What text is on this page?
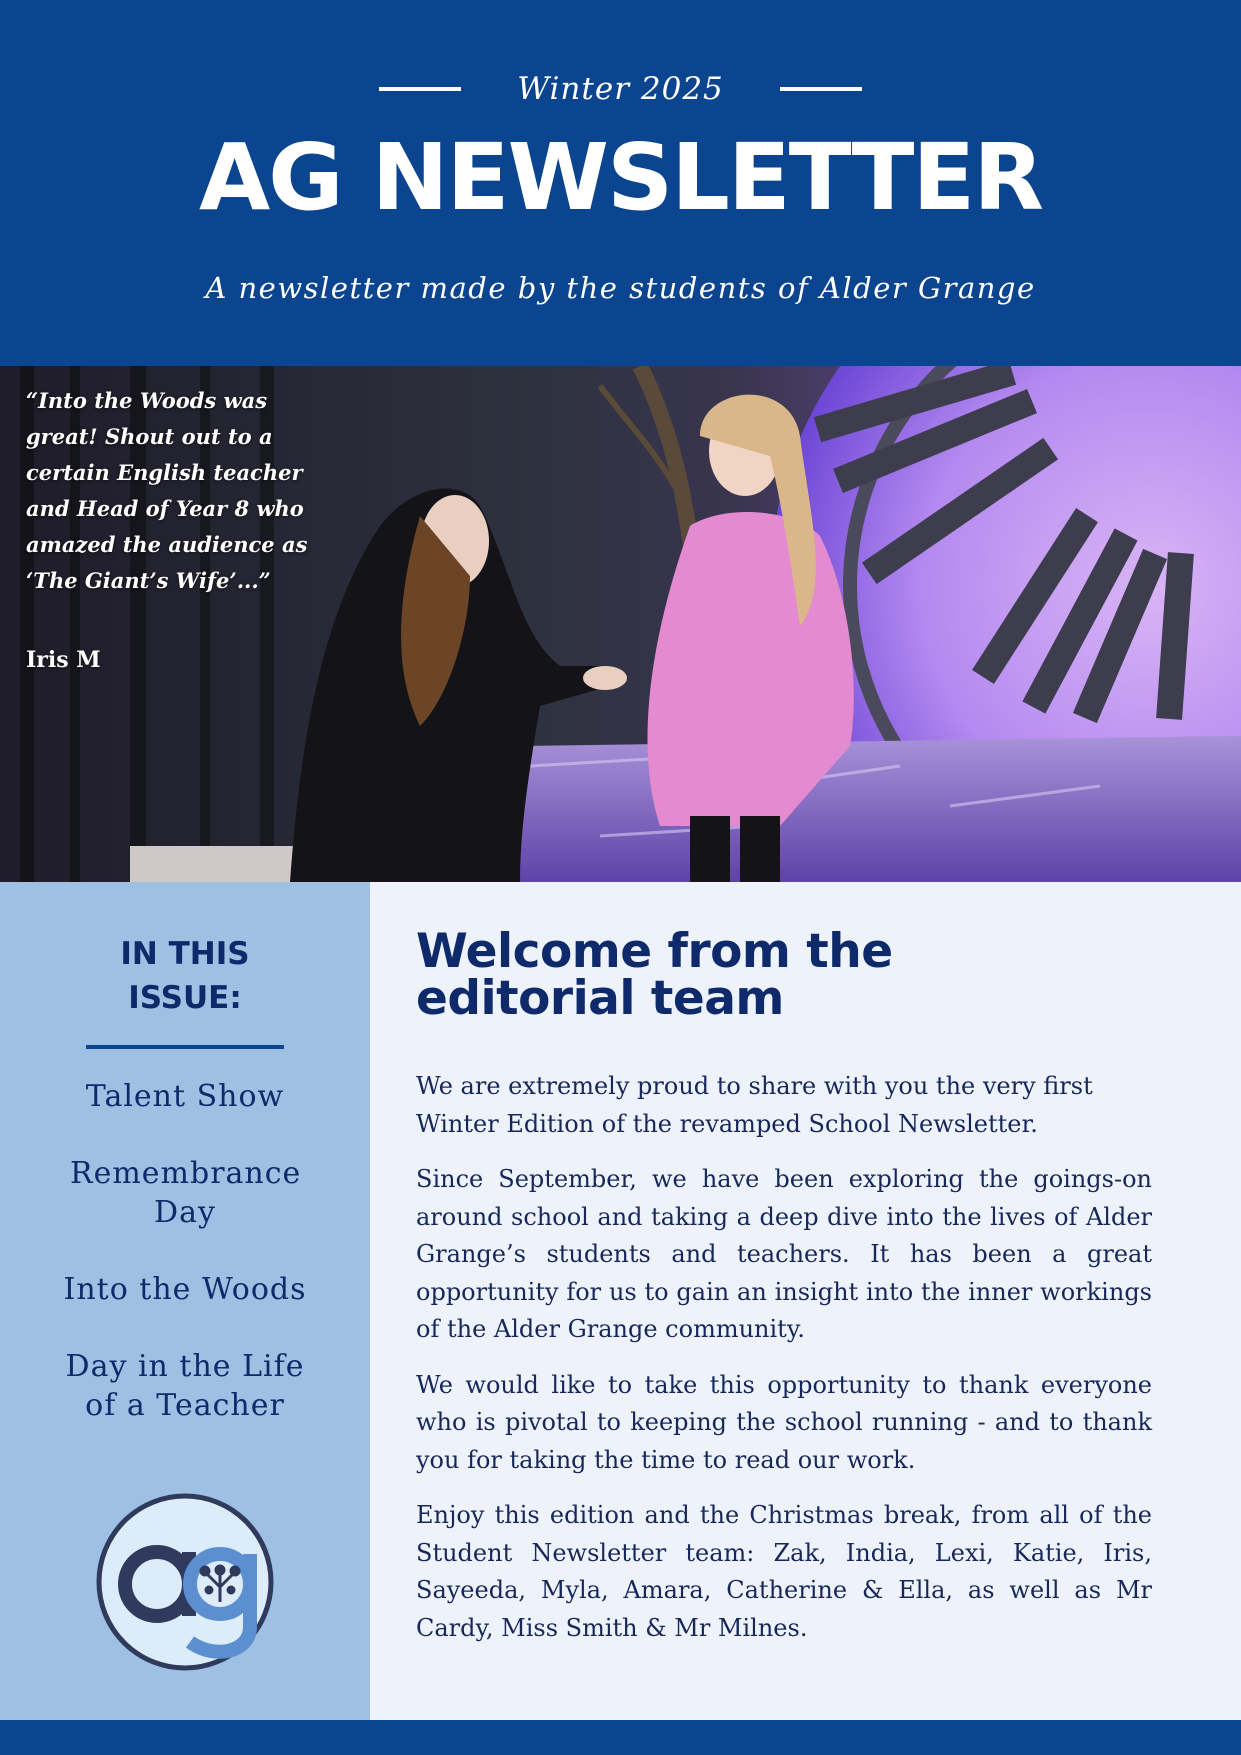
Winter 2025
AG NEWSLETTER
A newsletter made by the students of Alder Grange
“Into the Woods was great! Shout out to a certain English teacher and Head of Year 8 who amazed the audience as ‘The Giant’s Wife’...”
Iris M
IN THIS ISSUE:
Talent Show
Remembrance Day
Into the Woods
Day in the Life of a Teacher
Welcome from the editorial team

We are extremely proud to share with you the very first Winter Edition of the revamped School Newsletter.

Since September, we have been exploring the goings-on around school and taking a deep dive into the lives of Alder Grange’s students and teachers. It has been a great opportunity for us to gain an insight into the inner workings of the Alder Grange community.

We would like to take this opportunity to thank everyone who is pivotal to keeping the school running - and to thank you for taking the time to read our work.

Enjoy this edition and the Christmas break, from all of the Student Newsletter team: Zak, India, Lexi, Katie, Iris, Sayeeda, Myla, Amara, Catherine & Ella, as well as Mr Cardy, Miss Smith & Mr Milnes.
